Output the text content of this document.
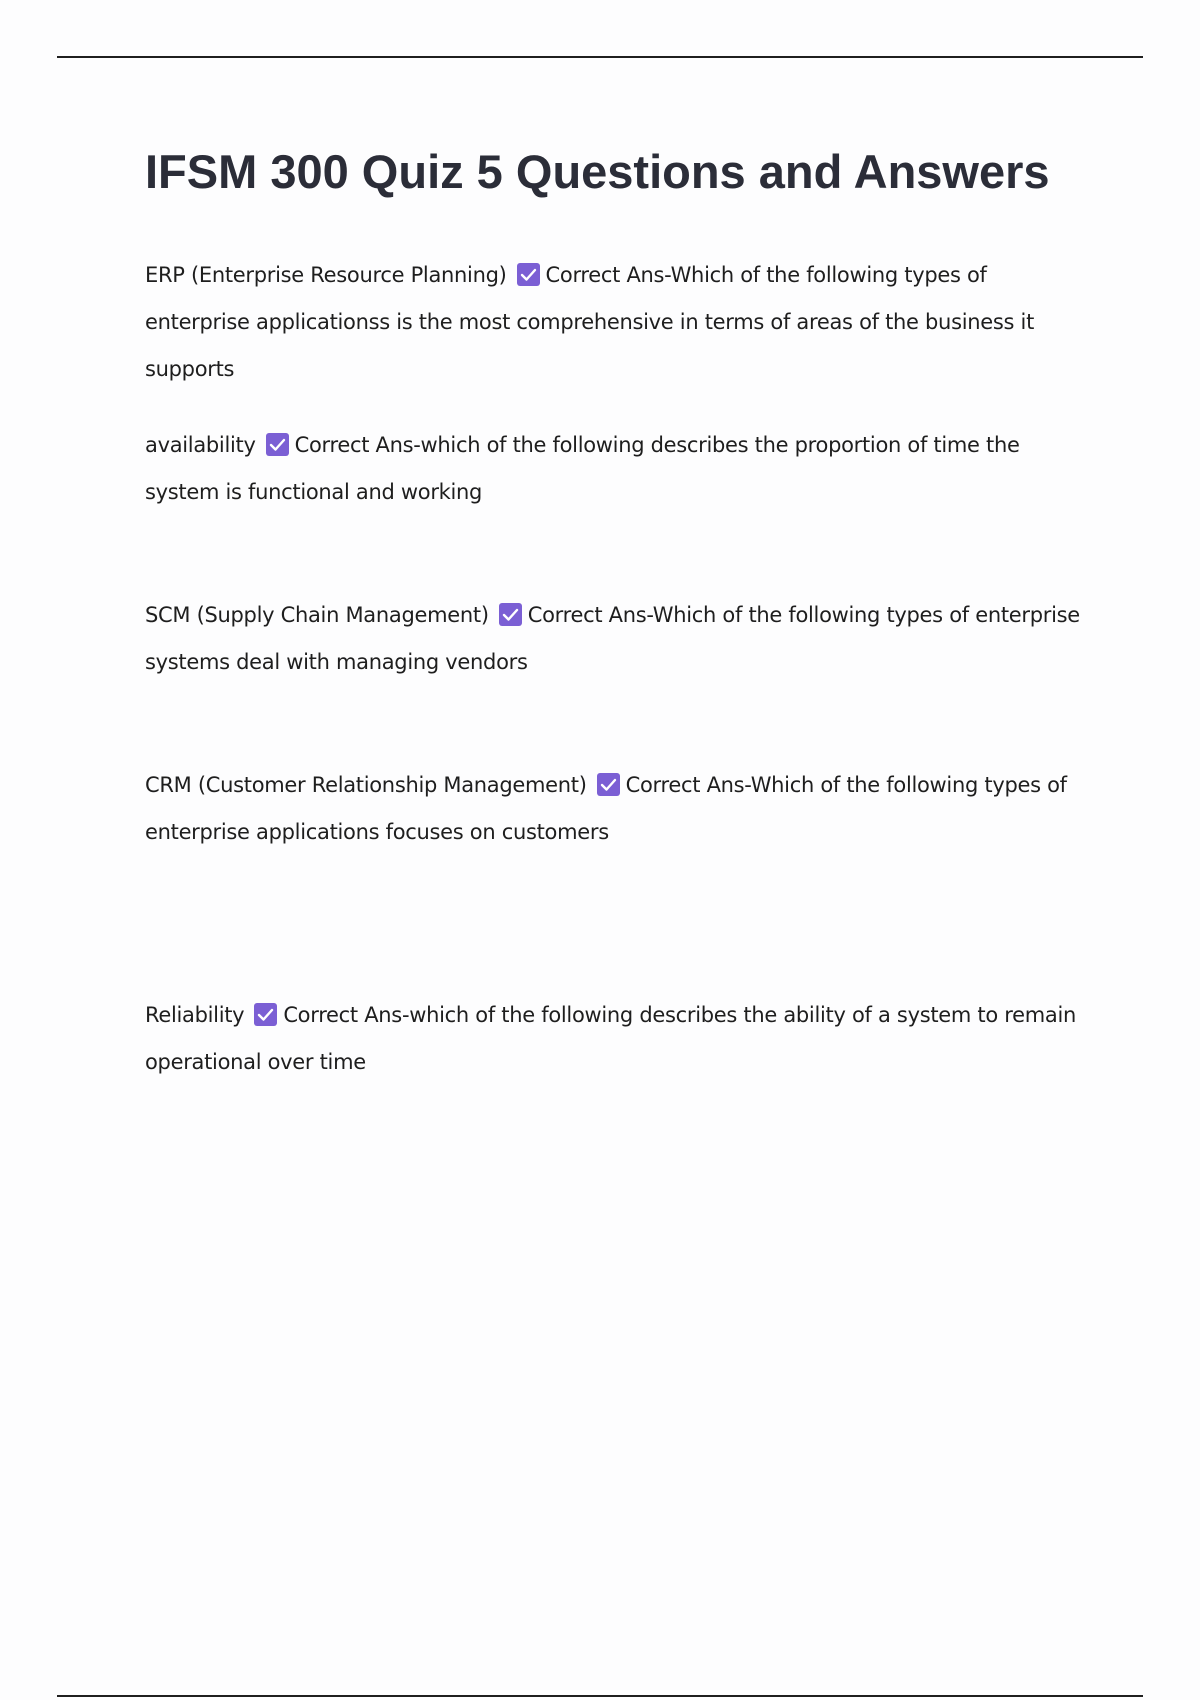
IFSM 300 Quiz 5 Questions and Answers

ERP (Enterprise Resource Planning) Correct Ans-Which of the following types of enterprise applicationss is the most comprehensive in terms of areas of the business it supports

availability Correct Ans-which of the following describes the proportion of time the system is functional and working

SCM (Supply Chain Management) Correct Ans-Which of the following types of enterprise systems deal with managing vendors

CRM (Customer Relationship Management) Correct Ans-Which of the following types of enterprise applications focuses on customers

Reliability Correct Ans-which of the following describes the ability of a system to remain operational over time
